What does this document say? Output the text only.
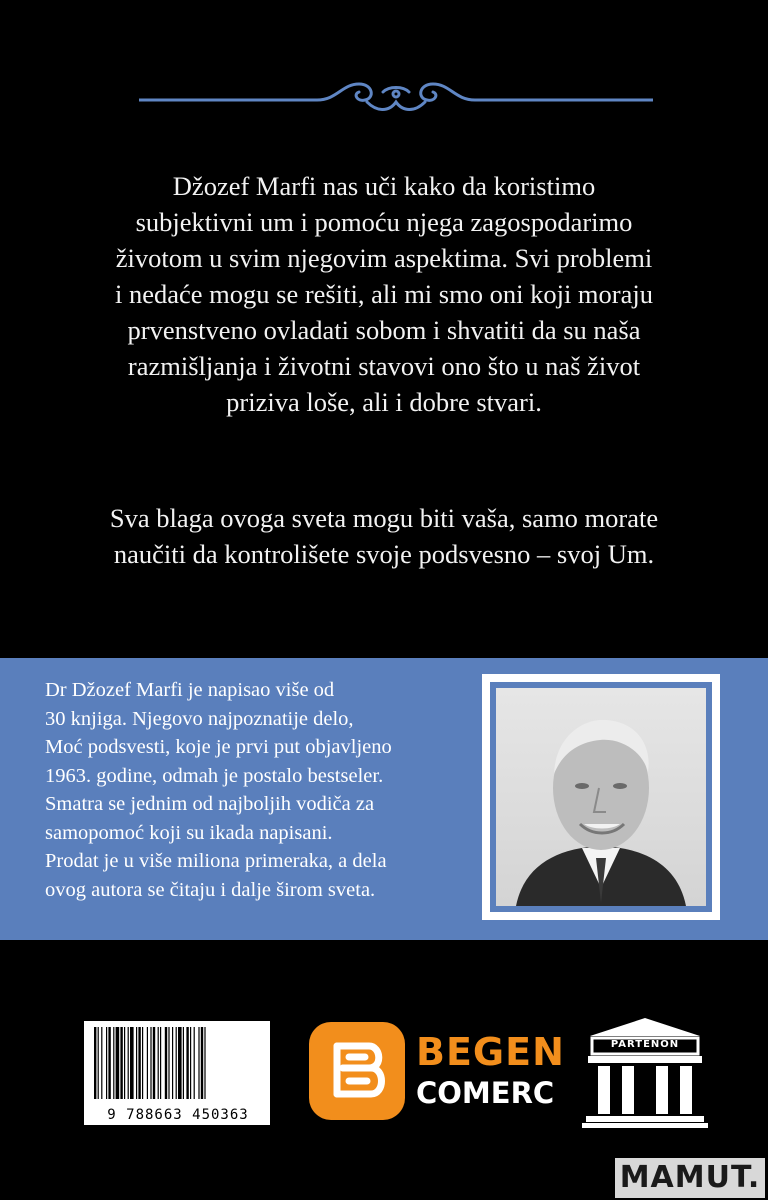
Džozef Marfi nas uči kako da koristimo
subjektivni um i pomoću njega zagospodarimo
životom u svim njegovim aspektima. Svi problemi
i nedaće mogu se rešiti, ali mi smo oni koji moraju
prvenstveno ovladati sobom i shvatiti da su naša
razmišljanja i životni stavovi ono što u naš život
priziva loše, ali i dobre stvari.
Sva blaga ovoga sveta mogu biti vaša, samo morate
naučiti da kontrolišete svoje podsvesno – svoj Um.
Dr Džozef Marfi je napisao više od
30 knjiga. Njegovo najpoznatije delo,
Moć podsvesti, koje je prvi put objavljeno
1963. godine, odmah je postalo bestseler.
Smatra se jednim od najboljih vodiča za
samopomoć koji su ikada napisani.
Prodat je u više miliona primeraka, a dela
ovog autora se čitaju i dalje širom sveta.
9 788663 450363
BEGEN
COMERC
PARTENON
MAMUT.
